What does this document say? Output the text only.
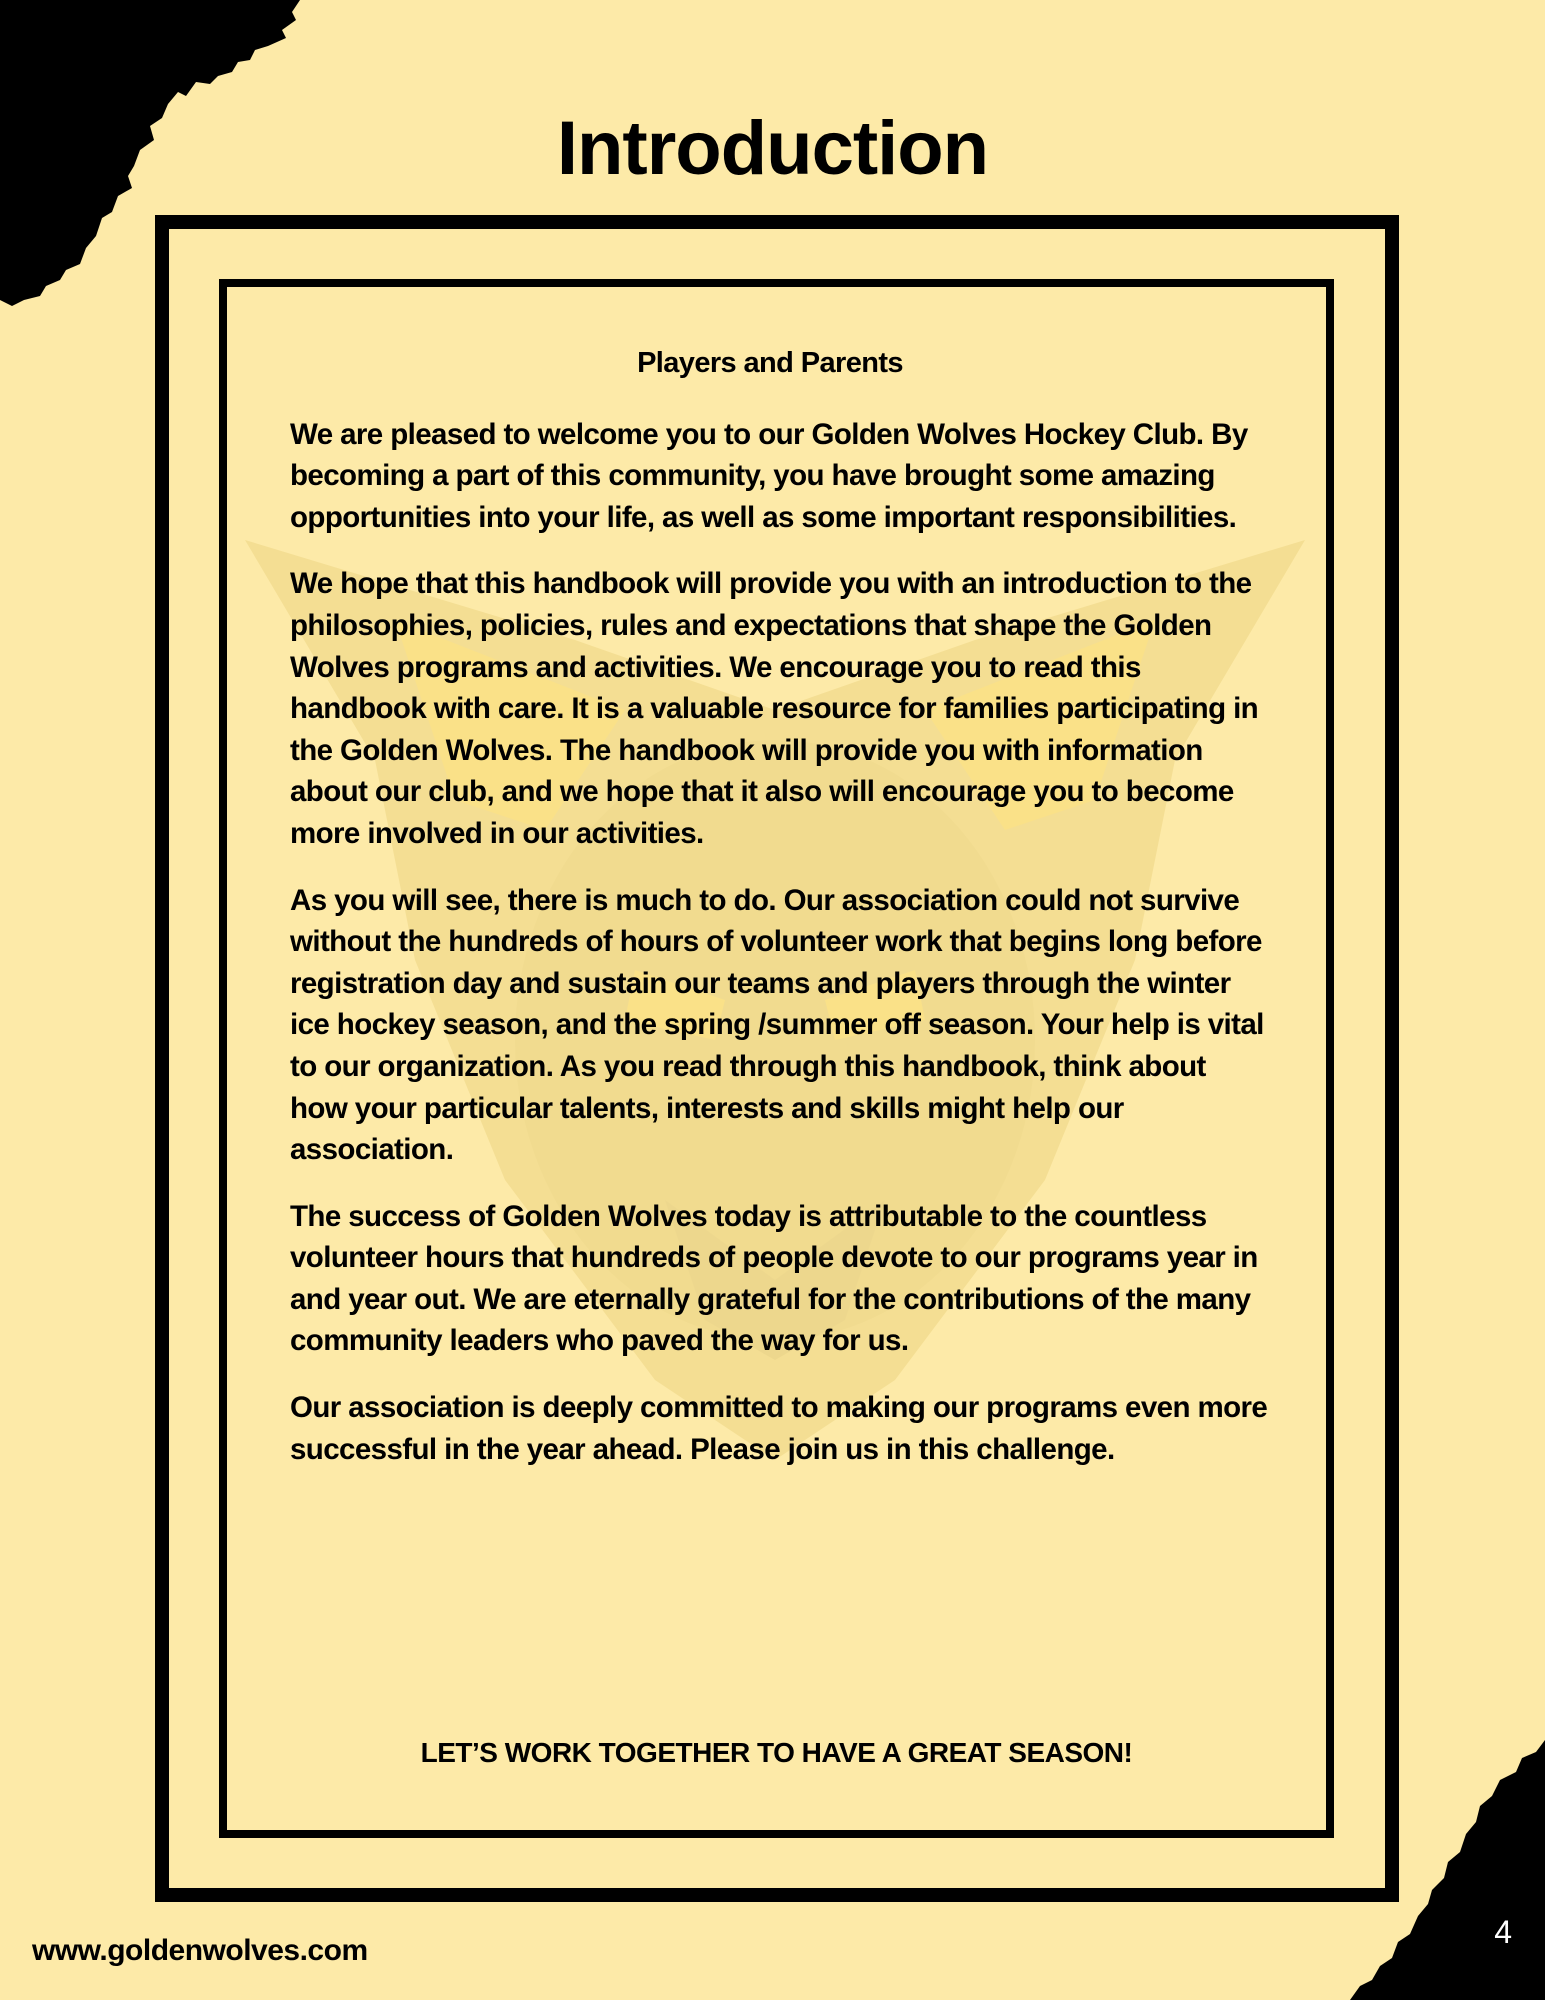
Introduction
Players and Parents

We are pleased to welcome you to our Golden Wolves Hockey Club. By becoming a part of this community, you have brought some amazing opportunities into your life, as well as some important responsibilities.

We hope that this handbook will provide you with an introduction to the philosophies, policies, rules and expectations that shape the Golden Wolves programs and activities. We encourage you to read this handbook with care. It is a valuable resource for families participating in the Golden Wolves. The handbook will provide you with information about our club, and we hope that it also will encourage you to become more involved in our activities.

As you will see, there is much to do. Our association could not survive without the hundreds of hours of volunteer work that begins long before registration day and sustain our teams and players through the winter ice hockey season, and the spring /summer off season. Your help is vital to our organization. As you read through this handbook, think about how your particular talents, interests and skills might help our association.

The success of Golden Wolves today is attributable to the countless volunteer hours that hundreds of people devote to our programs year in and year out. We are eternally grateful for the contributions of the many community leaders who paved the way for us.

Our association is deeply committed to making our programs even more successful in the year ahead. Please join us in this challenge.

LET’S WORK TOGETHER TO HAVE A GREAT SEASON!
www.goldenwolves.com
4
